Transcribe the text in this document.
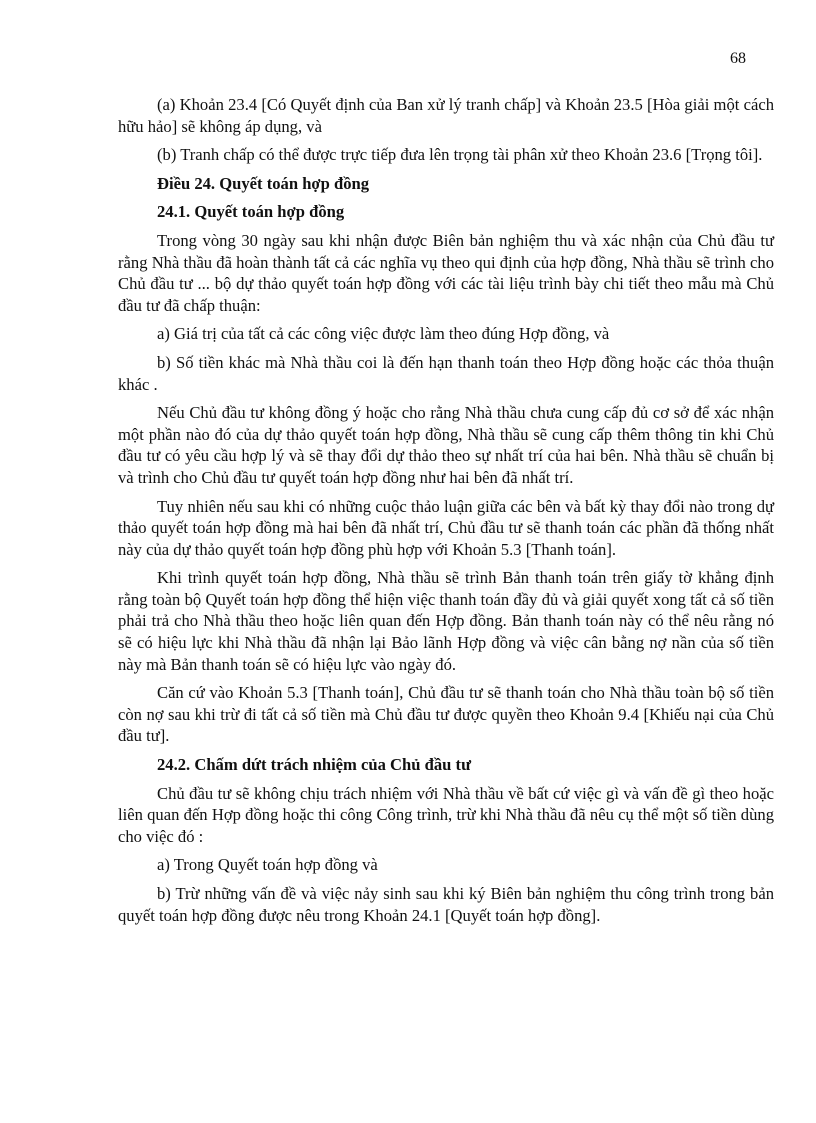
68

(a) Khoản 23.4 [Có Quyết định của Ban xử lý tranh chấp] và Khoản 23.5 [Hòa giải một cách hữu hảo] sẽ không áp dụng, và

(b) Tranh chấp có thể được trực tiếp đưa lên trọng tài phân xử theo Khoản 23.6 [Trọng tôi].

Điều 24. Quyết toán hợp đồng
24.1. Quyết toán hợp đồng

Trong vòng 30 ngày sau khi nhận được Biên bản nghiệm thu và xác nhận của Chủ đầu tư rằng Nhà thầu đã hoàn thành tất cả các nghĩa vụ theo qui định của hợp đồng, Nhà thầu sẽ trình cho Chủ đầu tư ... bộ dự thảo quyết toán hợp đồng với các tài liệu trình bày chi tiết theo mẫu mà Chủ đầu tư đã chấp thuận:

a) Giá trị của tất cả các công việc được làm theo đúng Hợp đồng, và

b) Số tiền khác mà Nhà thầu coi là đến hạn thanh toán theo Hợp đồng hoặc các thỏa thuận khác .

Nếu Chủ đầu tư không đồng ý hoặc cho rằng Nhà thầu chưa cung cấp đủ cơ sở để xác nhận một phần nào đó của dự thảo quyết toán hợp đồng, Nhà thầu sẽ cung cấp thêm thông tin khi Chủ đầu tư có yêu cầu hợp lý và sẽ thay đổi dự thảo theo sự nhất trí của hai bên. Nhà thầu sẽ chuẩn bị và trình cho Chủ đầu tư quyết toán hợp đồng như hai bên đã nhất trí.

Tuy nhiên nếu sau khi có những cuộc thảo luận giữa các bên và bất kỳ thay đổi nào trong dự thảo quyết toán hợp đồng mà hai bên đã nhất trí, Chủ đầu tư sẽ thanh toán các phần đã thống nhất này của dự thảo quyết toán hợp đồng phù hợp với Khoản 5.3 [Thanh toán].

Khi trình quyết toán hợp đồng, Nhà thầu sẽ trình Bản thanh toán trên giấy tờ khẳng định rằng toàn bộ Quyết toán hợp đồng thể hiện việc thanh toán đầy đủ và giải quyết xong tất cả số tiền phải trả cho Nhà thầu theo hoặc liên quan đến Hợp đồng. Bản thanh toán này có thể nêu rằng nó sẽ có hiệu lực khi Nhà thầu đã nhận lại Bảo lãnh Hợp đồng và việc cân bằng nợ nần của số tiền này mà Bản thanh toán sẽ có hiệu lực vào ngày đó.

Căn cứ vào Khoản 5.3 [Thanh toán], Chủ đầu tư sẽ thanh toán cho Nhà thầu toàn bộ số tiền còn nợ sau khi trừ đi tất cả số tiền mà Chủ đầu tư được quyền theo Khoản 9.4 [Khiếu nại của Chủ đầu tư].

24.2. Chấm dứt trách nhiệm của Chủ đầu tư

Chủ đầu tư sẽ không chịu trách nhiệm với Nhà thầu về bất cứ việc gì và vấn đề gì theo hoặc liên quan đến Hợp đồng hoặc thi công Công trình, trừ khi Nhà thầu đã nêu cụ thể một số tiền dùng cho việc đó :

a) Trong Quyết toán hợp đồng và

b) Trừ những vấn đề và việc nảy sinh sau khi ký Biên bản nghiệm thu công trình trong bản quyết toán hợp đồng được nêu trong Khoản 24.1 [Quyết toán hợp đồng].
